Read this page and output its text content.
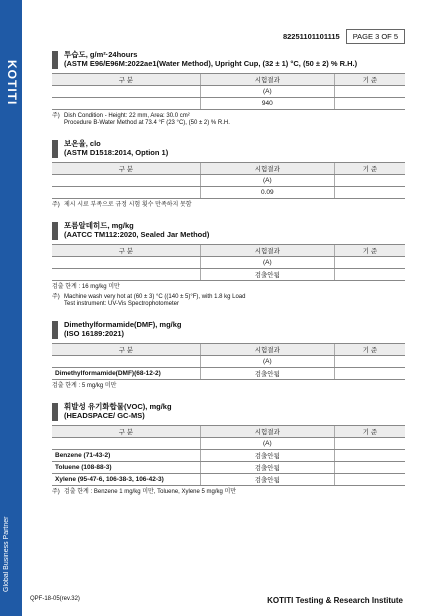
KOTITI
Global Business Partner
82251101101115	PAGE 3 OF 5
투습도, g/m²·24hours
(ASTM E96/E96M:2022ae1(Water Method), Upright Cup, (32 ± 1) °C, (50 ± 2) % R.H.)
구 분	시험결과	기 준
	(A)	
	940	
주) Dish Condition - Height: 22 mm, Area: 30.0 cm²
Procedure B-Water Method at 73.4 °F (23 °C), (50 ± 2) % R.H.
보온율, clo
(ASTM D1518:2014, Option 1)
구 분	시험결과	기 준
	(A)	
	0.09	
주) 제시 시료 부족으로 규정 시험 횟수 만족하지 못함
포름알데히드, mg/kg
(AATCC TM112:2020, Sealed Jar Method)
구 분	시험결과	기 준
	(A)	
	검출안됨	
검출 한계 : 16 mg/kg 미만
주) Machine wash very hot at (60 ± 3) °C ((140 ± 5)°F), with 1.8 kg Load
Test instrument: UV-Vis Spectrophotometer
Dimethylformamide(DMF), mg/kg
(ISO 16189:2021)
구 분	시험결과	기 준
	(A)	
Dimethylformamide(DMF)(68-12-2)	검출안됨	
검출 한계 : 5 mg/kg 미만
휘발성 유기화합물(VOC), mg/kg
(HEADSPACE/ GC-MS)
구 분	시험결과	기 준
	(A)	
Benzene (71-43-2)	검출안됨	
Toluene (108-88-3)	검출안됨	
Xylene (95-47-6, 106-38-3, 106-42-3)	검출안됨	
주) 검출 한계 : Benzene 1 mg/kg 미만, Toluene, Xylene 5 mg/kg 미만
QPF-18-05(rev.32)	KOTITI Testing & Research Institute
